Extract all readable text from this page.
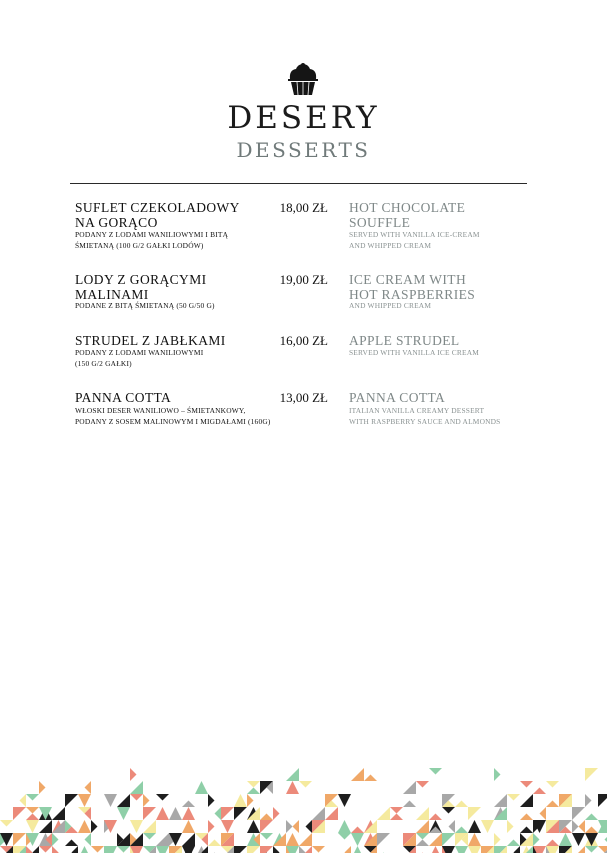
DESERY
DESSERTS
SUFLET CZEKOLADOWY
NA GORĄCO
PODANY Z LODAMI WANILIOWYMI I BITĄ
ŚMIETANĄ (100 G/2 GAŁKI LODÓW)
18,00 ZŁ HOT CHOCOLATE
SOUFFLE
SERVED WITH VANILLA ICE-CREAM
AND WHIPPED CREAM
LODY Z GORĄCYMI
MALINAMI
PODANE Z BITĄ ŚMIETANĄ (50 G/50 G)
19,00 ZŁ ICE CREAM WITH
HOT RASPBERRIES
AND WHIPPED CREAM
STRUDEL Z JABŁKAMI
PODANY Z LODAMI WANILIOWYMI
(150 G/2 GAŁKI)
16,00 ZŁ APPLE STRUDEL
SERVED WITH VANILLA ICE CREAM
PANNA COTTA
WŁOSKI DESER WANILIOWO – ŚMIETANKOWY,
PODANY Z SOSEM MALINOWYM I MIGDAŁAMI (160G)
13,00 ZŁ PANNA COTTA
ITALIAN VANILLA CREAMY DESSERT
WITH RASPBERRY SAUCE AND ALMONDS
